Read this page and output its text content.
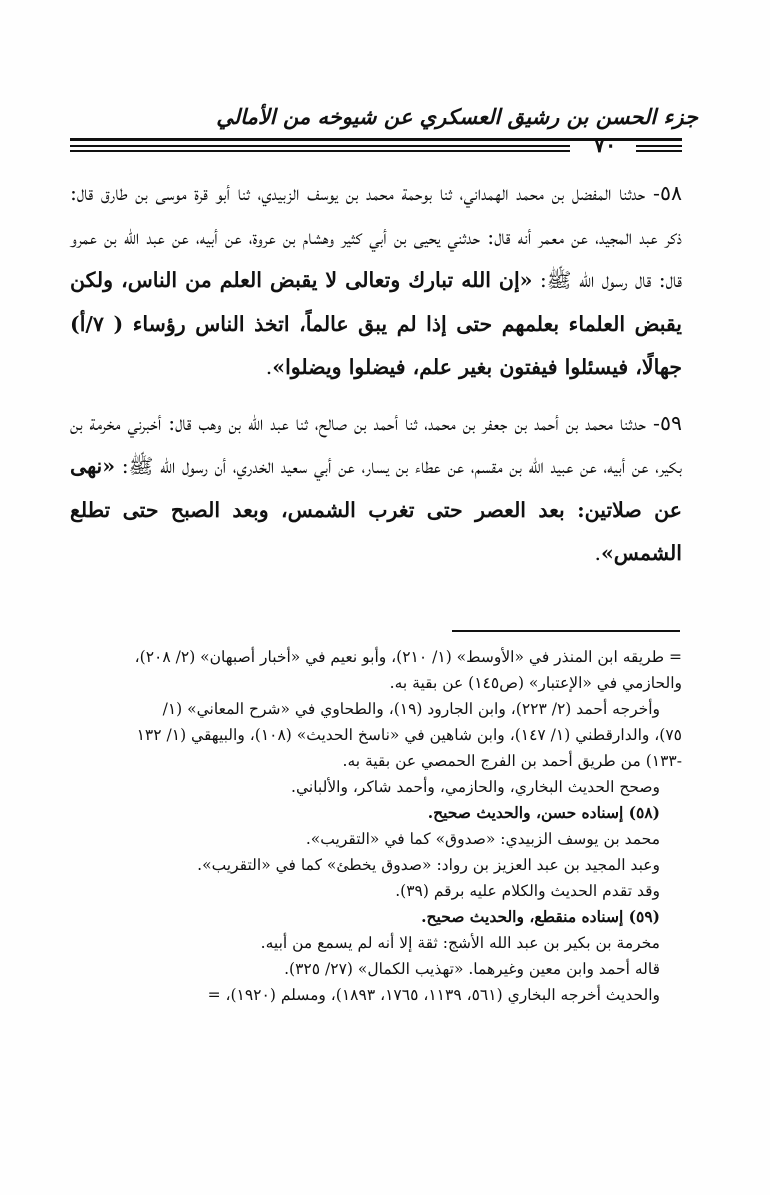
جزء الحسن بن رشيق العسكري عن شيوخه من الأمالي
٧٠

٥٨- حدثنا المفضل بن محمد الهمداني، ثنا بوحمة محمد بن يوسف الزبيدي، ثنا أبو قرة موسى بن طارق قال: ذكر عبد المجيد، عن معمر أنه قال: حدثني يحيى بن أبي كثير وهشام بن عروة، عن أبيه، عن عبد الله بن عمرو قال: قال رسول الله ﷺ: «إن الله تبارك وتعالى لا يقبض العلم من الناس، ولكن يقبض العلماء بعلمهم حتى إذا لم يبق عالماً، اتخذ الناس رؤساء ( ٧/أ) جهالًا، فيسئلوا فيفتون بغير علم، فيضلوا ويضلوا».

٥٩- حدثنا محمد بن أحمد بن جعفر بن محمد، ثنا أحمد بن صالح، ثنا عبد الله بن وهب قال: أخبرني مخرمة بن بكير، عن أبيه، عن عبيد الله بن مقسم، عن عطاء بن يسار، عن أبي سعيد الخدري، أن رسول الله ﷺ: «نهى عن صلاتين: بعد العصر حتى تغرب الشمس، وبعد الصبح حتى تطلع الشمس».

= طريقه ابن المنذر في «الأوسط» (١/ ٢١٠)، وأبو نعيم في «أخبار أصبهان» (٢/ ٢٠٨)،

والحازمي في «الإعتبار» (ص١٤٥) عن بقية به.

وأخرجه أحمد (٢/ ٢٢٣)، وابن الجارود (١٩)، والطحاوي في «شرح المعاني» (١/

٧٥)، والدارقطني (١/ ١٤٧)، وابن شاهين في «ناسخ الحديث» (١٠٨)، والبيهقي (١/ ١٣٢

-١٣٣) من طريق أحمد بن الفرج الحمصي عن بقية به.

وصحح الحديث البخاري، والحازمي، وأحمد شاكر، والألباني.

(٥٨) إسناده حسن، والحديث صحيح.

محمد بن يوسف الزبيدي: «صدوق» كما في «التقريب».

وعبد المجيد بن عبد العزيز بن رواد: «صدوق يخطئ» كما في «التقريب».

وقد تقدم الحديث والكلام عليه برقم (٣٩).

(٥٩) إسناده منقطع، والحديث صحيح.

مخرمة بن بكير بن عبد الله الأشج: ثقة إلا أنه لم يسمع من أبيه.

قاله أحمد وابن معين وغيرهما. «تهذيب الكمال» (٢٧/ ٣٢٥).

والحديث أخرجه البخاري (٥٦١، ١١٣٩، ١٧٦٥، ١٨٩٣)، ومسلم (١٩٢٠)، =
